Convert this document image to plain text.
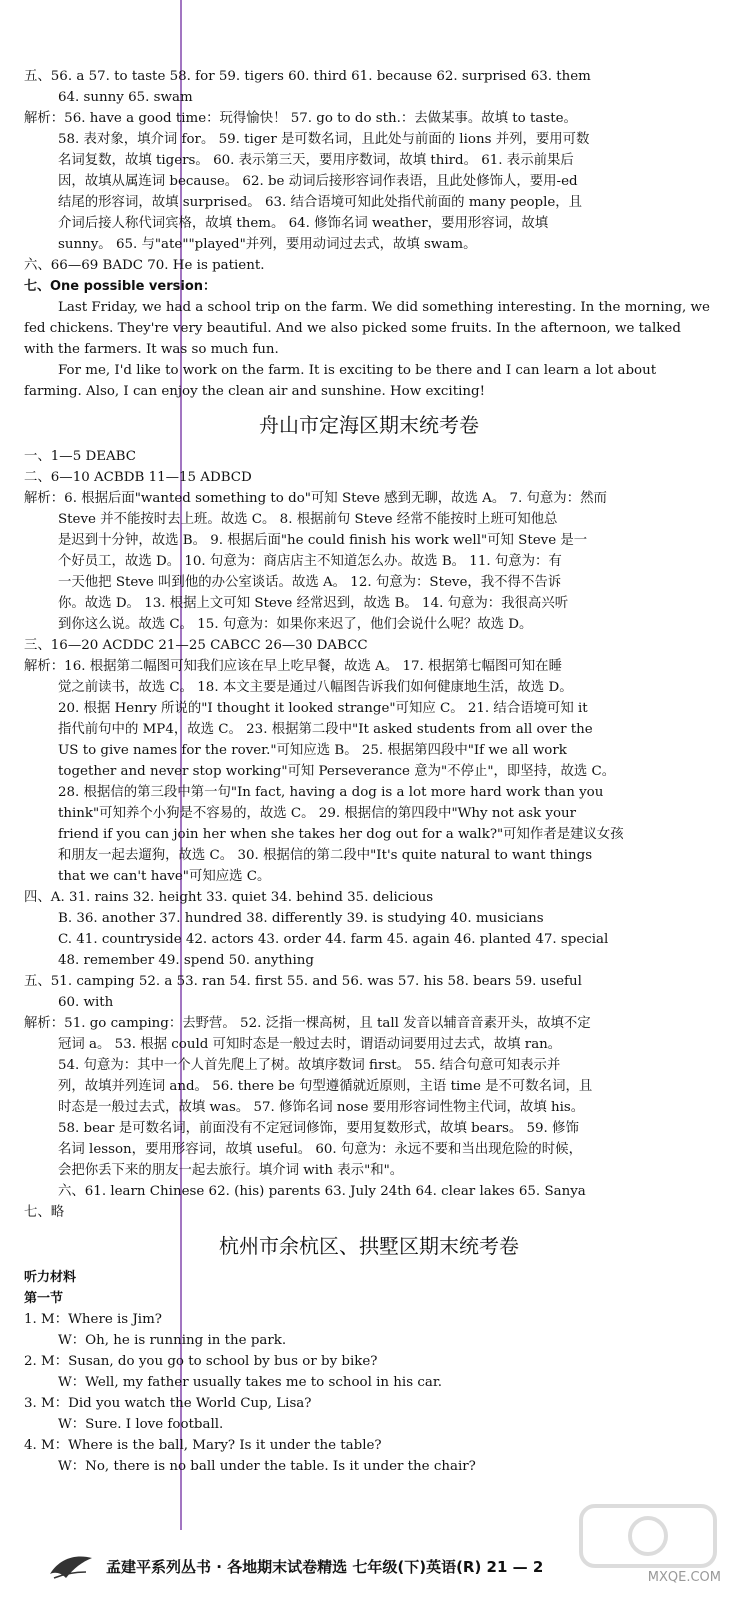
五、56. a 57. to taste 58. for 59. tigers 60. third 61. because 62. surprised 63. them
64. sunny 65. swam
解析：56. have a good time：玩得愉快！ 57. go to do sth.：去做某事。故填 to taste。
58. 表对象，填介词 for。 59. tiger 是可数名词，且此处与前面的 lions 并列，要用可数
名词复数，故填 tigers。 60. 表示第三天，要用序数词，故填 third。 61. 表示前果后
因，故填从属连词 because。 62. be 动词后接形容词作表语，且此处修饰人，要用-ed
结尾的形容词，故填 surprised。 63. 结合语境可知此处指代前面的 many people，且
介词后接人称代词宾格，故填 them。 64. 修饰名词 weather，要用形容词，故填
sunny。 65. 与"ate""played"并列，要用动词过去式，故填 swam。
六、66—69 BADC 70. He is patient.
七、One possible version：
Last Friday, we had a school trip on the farm. We did something interesting. In the morning, we fed chickens. They're very beautiful. And we also picked some fruits. In the afternoon, we talked with the farmers. It was so much fun.
For me, I'd like to work on the farm. It is exciting to be there and I can learn a lot about farming. Also, I can enjoy the clean air and sunshine. How exciting!
舟山市定海区期末统考卷
一、1—5 DEABC
二、6—10 ACBDB 11—15 ADBCD
解析：6. 根据后面"wanted something to do"可知 Steve 感到无聊，故选 A。 7. 句意为：然而
Steve 并不能按时去上班。故选 C。 8. 根据前句 Steve 经常不能按时上班可知他总
是迟到十分钟，故选 B。 9. 根据后面"he could finish his work well"可知 Steve 是一
个好员工，故选 D。 10. 句意为：商店店主不知道怎么办。故选 B。 11. 句意为：有
一天他把 Steve 叫到他的办公室谈话。故选 A。 12. 句意为：Steve，我不得不告诉
你。故选 D。 13. 根据上文可知 Steve 经常迟到，故选 B。 14. 句意为：我很高兴听
到你这么说。故选 C。 15. 句意为：如果你来迟了，他们会说什么呢？故选 D。
三、16—20 ACDDC 21—25 CABCC 26—30 DABCC
解析：16. 根据第二幅图可知我们应该在早上吃早餐，故选 A。 17. 根据第七幅图可知在睡
觉之前读书，故选 C。 18. 本文主要是通过八幅图告诉我们如何健康地生活，故选 D。
20. 根据 Henry 所说的"I thought it looked strange"可知应 C。 21. 结合语境可知 it
指代前句中的 MP4，故选 C。 23. 根据第二段中"It asked students from all over the
US to give names for the rover."可知应选 B。 25. 根据第四段中"If we all work
together and never stop working"可知 Perseverance 意为"不停止"，即坚持，故选 C。
28. 根据信的第三段中第一句"In fact, having a dog is a lot more hard work than you
think"可知养个小狗是不容易的，故选 C。 29. 根据信的第四段中"Why not ask your
friend if you can join her when she takes her dog out for a walk?"可知作者是建议女孩
和朋友一起去遛狗，故选 C。 30. 根据信的第二段中"It's quite natural to want things
that we can't have"可知应选 C。
四、A. 31. rains 32. height 33. quiet 34. behind 35. delicious
B. 36. another 37. hundred 38. differently 39. is studying 40. musicians
C. 41. countryside 42. actors 43. order 44. farm 45. again 46. planted 47. special
48. remember 49. spend 50. anything
五、51. camping 52. a 53. ran 54. first 55. and 56. was 57. his 58. bears 59. useful
60. with
解析：51. go camping：去野营。 52. 泛指一棵高树，且 tall 发音以辅音音素开头，故填不定
冠词 a。 53. 根据 could 可知时态是一般过去时，谓语动词要用过去式，故填 ran。
54. 句意为：其中一个人首先爬上了树。故填序数词 first。 55. 结合句意可知表示并
列，故填并列连词 and。 56. there be 句型遵循就近原则，主语 time 是不可数名词，且
时态是一般过去式，故填 was。 57. 修饰名词 nose 要用形容词性物主代词，故填 his。
58. bear 是可数名词，前面没有不定冠词修饰，要用复数形式，故填 bears。 59. 修饰
名词 lesson，要用形容词，故填 useful。 60. 句意为：永远不要和当出现危险的时候，
会把你丢下来的朋友一起去旅行。填介词 with 表示"和"。
六、61. learn Chinese 62. (his) parents 63. July 24th 64. clear lakes 65. Sanya
七、略
杭州市余杭区、拱墅区期末统考卷
听力材料
第一节
1. M：Where is Jim?
W：Oh, he is running in the park.
2. M：Susan, do you go to school by bus or by bike?
W：Well, my father usually takes me to school in his car.
3. M：Did you watch the World Cup, Lisa?
W：Sure. I love football.
4. M：Where is the ball, Mary? Is it under the table?
W：No, there is no ball under the table. Is it under the chair?
孟建平系列丛书 · 各地期末试卷精选 七年级(下)英语(R) 21 — 2
MXQE.COM
